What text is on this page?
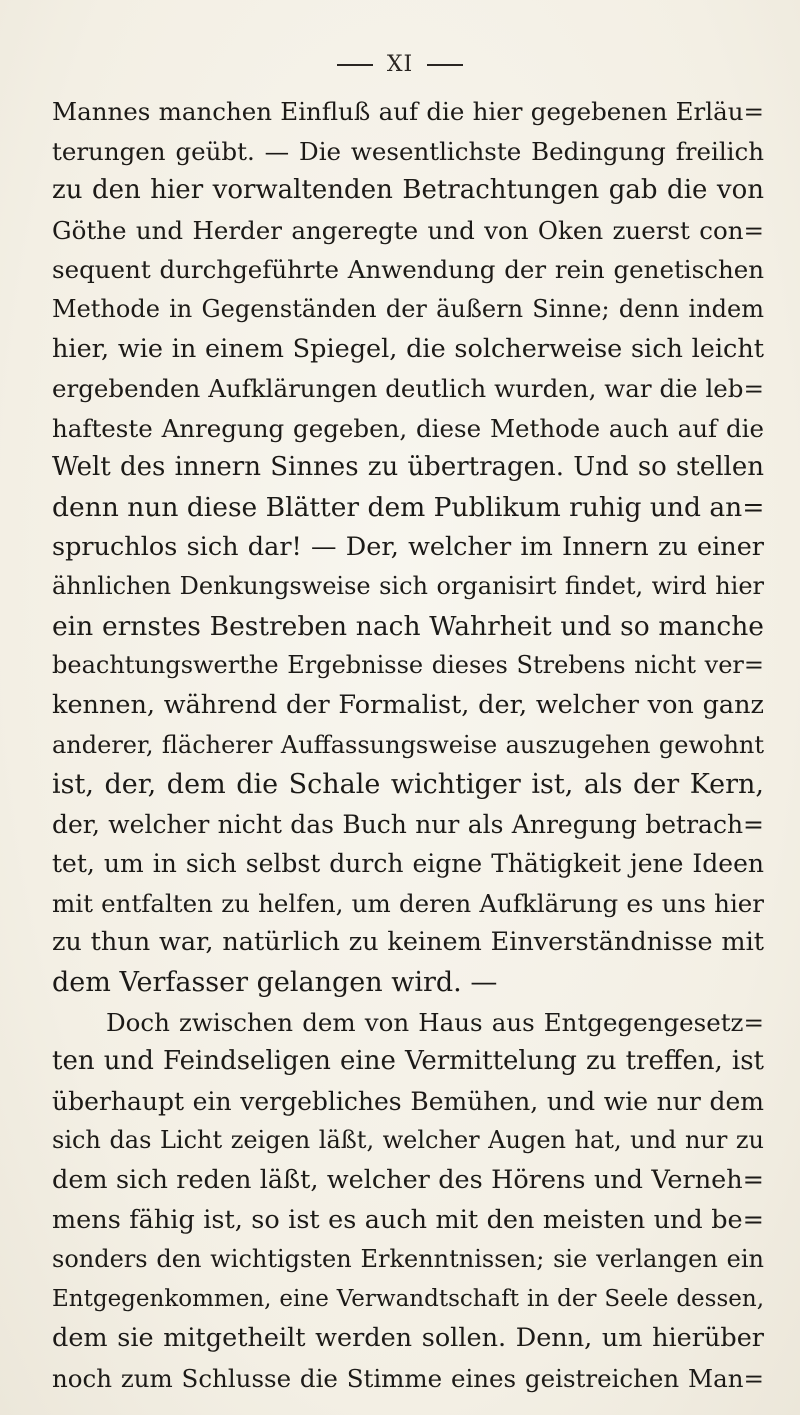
XI
Mannes manchen Einfluß auf die hier gegebenen Erläu=
terungen geübt. — Die wesentlichste Bedingung freilich
zu den hier vorwaltenden Betrachtungen gab die von
Göthe und Herder angeregte und von Oken zuerst con=
sequent durchgeführte Anwendung der rein genetischen
Methode in Gegenständen der äußern Sinne; denn indem
hier, wie in einem Spiegel, die solcherweise sich leicht
ergebenden Aufklärungen deutlich wurden, war die leb=
hafteste Anregung gegeben, diese Methode auch auf die
Welt des innern Sinnes zu übertragen. Und so stellen
denn nun diese Blätter dem Publikum ruhig und an=
spruchlos sich dar! — Der, welcher im Innern zu einer
ähnlichen Denkungsweise sich organisirt findet, wird hier
ein ernstes Bestreben nach Wahrheit und so manche
beachtungswerthe Ergebnisse dieses Strebens nicht ver=
kennen, während der Formalist, der, welcher von ganz
anderer, flächerer Auffassungsweise auszugehen gewohnt
ist, der, dem die Schale wichtiger ist, als der Kern,
der, welcher nicht das Buch nur als Anregung betrach=
tet, um in sich selbst durch eigne Thätigkeit jene Ideen
mit entfalten zu helfen, um deren Aufklärung es uns hier
zu thun war, natürlich zu keinem Einverständnisse mit
dem Verfasser gelangen wird. —
Doch zwischen dem von Haus aus Entgegengesetz=
ten und Feindseligen eine Vermittelung zu treffen, ist
überhaupt ein vergebliches Bemühen, und wie nur dem
sich das Licht zeigen läßt, welcher Augen hat, und nur zu
dem sich reden läßt, welcher des Hörens und Verneh=
mens fähig ist, so ist es auch mit den meisten und be=
sonders den wichtigsten Erkenntnissen; sie verlangen ein
Entgegenkommen, eine Verwandtschaft in der Seele dessen,
dem sie mitgetheilt werden sollen. Denn, um hierüber
noch zum Schlusse die Stimme eines geistreichen Man=
